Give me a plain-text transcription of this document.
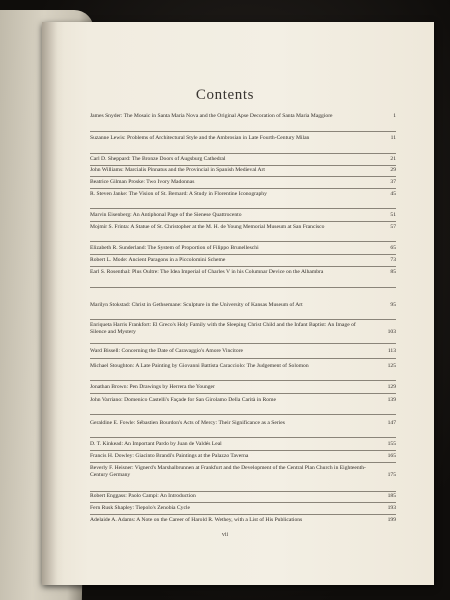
Contents
James Snyder: The Mosaic in Santa Maria Nova and the Original Apse Decoration of Santa Maria Maggiore	1
Suzanne Lewis: Problems of Architectural Style and the Ambrosian in Late Fourth-Century Milan	11
Carl D. Sheppard: The Bronze Doors of Augsburg Cathedral	21
John Williams: Marcialis Pinnatus and the Provincial in Spanish Medieval Art	29
Beatrice Gilman Proske: Two Ivory Madonnas	37
R. Steven Janke: The Vision of St. Bernard: A Study in Florentine Iconography	45
Marvin Eisenberg: An Antiphonal Page of the Sienese Quattrocento	51
Mojmír S. Frinta: A Statue of St. Christopher at the M. H. de Young Memorial Museum at San Francisco	57
Elizabeth R. Sunderland: The System of Proportion of Filippo Brunelleschi	65
Robert L. Mode: Ancient Paragons in a Piccolomini Scheme	73
Earl S. Rosenthal: Plus Oultre: The Idea Imperial of Charles V in his Columnar Device on the Alhambra	85
Marilyn Stokstad: Christ in Gethsemane: Sculpture in the University of Kansas Museum of Art	95
Enriqueta Harris Frankfort: El Greco's Holy Family with the Sleeping Christ Child and the Infant Baptist: An Image of Silence and Mystery	103
Ward Bissell: Concerning the Date of Caravaggio's Amore Vincitore	113
Michael Stoughton: A Late Painting by Giovanni Battista Caracciolo: The Judgement of Solomon	125
Jonathan Brown: Pen Drawings by Herrera the Younger	129
John Varriano: Domenico Castelli's Façade for San Girolamo Della Carità in Rome	139
Geraldine E. Fowle: Sébastien Bourdon's Acts of Mercy: Their Significance as a Series	147
D. T. Kinkead: An Important Pardo by Juan de Valdés Leal	155
Francis H. Dowley: Giacinto Brandi's Paintings at the Palazzo Taverna	165
Beverly F. Heisner: Vignerd's Marshalbrunnen at Frankfurt and the Development of the Central Plan Church in Eighteenth-Century Germany	175
Robert Enggass: Paolo Campi: An Introduction	185
Fern Rusk Shapley: Tiepolo's Zenobia Cycle	193
Adelaide A. Adams: A Note on the Career of Harold R. Wethey, with a List of His Publications	199
vii
